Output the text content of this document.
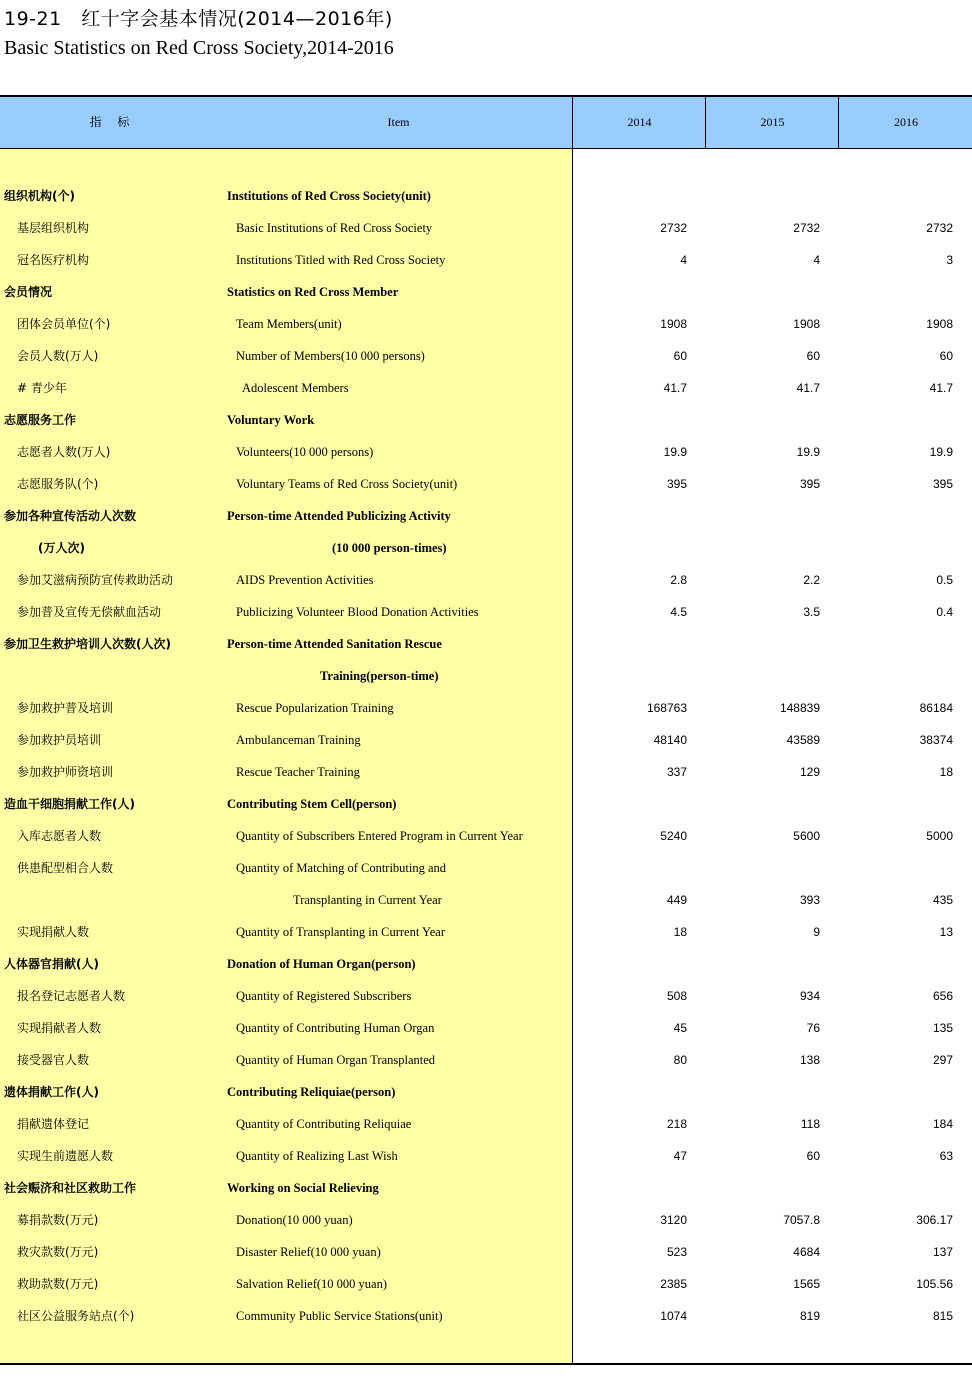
19-21　红十字会基本情况(2014—2016年)
Basic Statistics on Red Cross Society,2014-2016
指 标	Item	2014	2015	2016
组织机构(个)	Institutions of Red Cross Society(unit)
基层组织机构	Basic Institutions of Red Cross Society	2732	2732	2732
冠名医疗机构	Institutions Titled with Red Cross Society	4	4	3
会员情况	Statistics on Red Cross Member
团体会员单位(个)	Team Members(unit)	1908	1908	1908
会员人数(万人)	Number of Members(10 000 persons)	60	60	60
# 青少年	Adolescent Members	41.7	41.7	41.7
志愿服务工作	Voluntary Work
志愿者人数(万人)	Volunteers(10 000 persons)	19.9	19.9	19.9
志愿服务队(个)	Voluntary Teams of Red Cross Society(unit)	395	395	395
参加各种宣传活动人次数	Person-time Attended Publicizing Activity
(万人次)	(10 000 person-times)
参加艾滋病预防宣传救助活动	AIDS Prevention Activities	2.8	2.2	0.5
参加普及宣传无偿献血活动	Publicizing Volunteer Blood Donation Activities	4.5	3.5	0.4
参加卫生救护培训人次数(人次)	Person-time Attended Sanitation Rescue
Training(person-time)
参加救护普及培训	Rescue Popularization Training	168763	148839	86184
参加救护员培训	Ambulanceman Training	48140	43589	38374
参加救护师资培训	Rescue Teacher Training	337	129	18
造血干细胞捐献工作(人)	Contributing Stem Cell(person)
入库志愿者人数	Quantity of Subscribers Entered Program in Current Year	5240	5600	5000
供患配型相合人数	Quantity of Matching of Contributing and
Transplanting in Current Year	449	393	435
实现捐献人数	Quantity of Transplanting in Current Year	18	9	13
人体器官捐献(人)	Donation of Human Organ(person)
报名登记志愿者人数	Quantity of Registered Subscribers	508	934	656
实现捐献者人数	Quantity of Contributing Human Organ	45	76	135
接受器官人数	Quantity of Human Organ Transplanted	80	138	297
遗体捐献工作(人)	Contributing Reliquiae(person)
捐献遗体登记	Quantity of Contributing Reliquiae	218	118	184
实现生前遗愿人数	Quantity of Realizing Last Wish	47	60	63
社会赈济和社区救助工作	Working on Social Relieving
募捐款数(万元)	Donation(10 000 yuan)	3120	7057.8	306.17
救灾款数(万元)	Disaster Relief(10 000 yuan)	523	4684	137
救助款数(万元)	Salvation Relief(10 000 yuan)	2385	1565	105.56
社区公益服务站点(个)	Community Public Service Stations(unit)	1074	819	815
